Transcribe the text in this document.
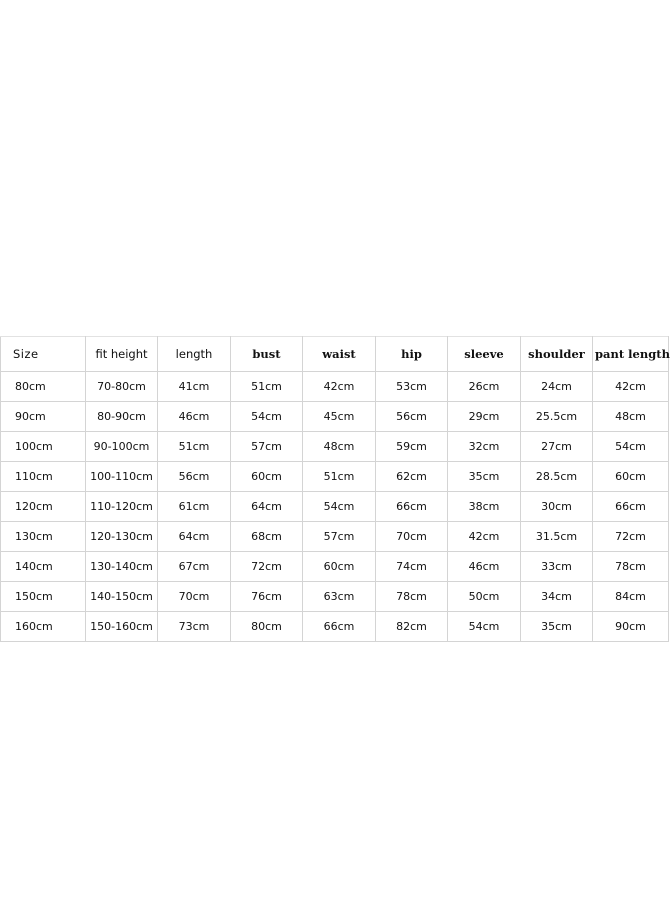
Size	fit height	length	bust	waist	hip	sleeve	shoulder	pant length
80cm	70-80cm	41cm	51cm	42cm	53cm	26cm	24cm	42cm
90cm	80-90cm	46cm	54cm	45cm	56cm	29cm	25.5cm	48cm
100cm	90-100cm	51cm	57cm	48cm	59cm	32cm	27cm	54cm
110cm	100-110cm	56cm	60cm	51cm	62cm	35cm	28.5cm	60cm
120cm	110-120cm	61cm	64cm	54cm	66cm	38cm	30cm	66cm
130cm	120-130cm	64cm	68cm	57cm	70cm	42cm	31.5cm	72cm
140cm	130-140cm	67cm	72cm	60cm	74cm	46cm	33cm	78cm
150cm	140-150cm	70cm	76cm	63cm	78cm	50cm	34cm	84cm
160cm	150-160cm	73cm	80cm	66cm	82cm	54cm	35cm	90cm
